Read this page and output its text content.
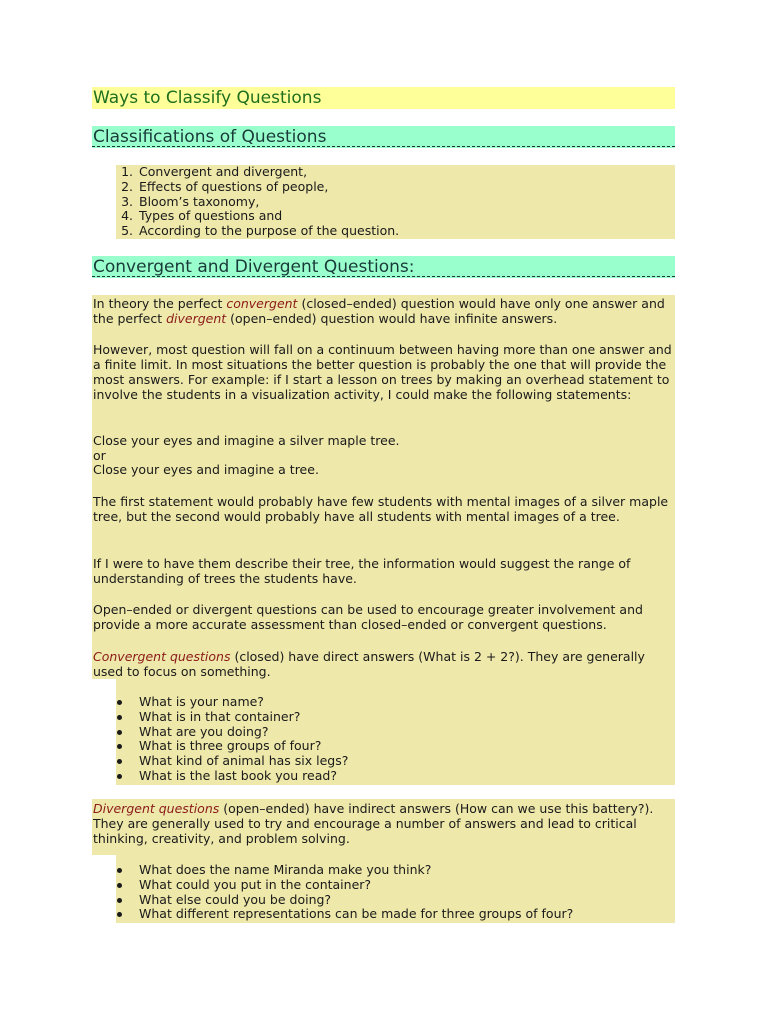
Ways to Classify Questions
Classifications of Questions
1. Convergent and divergent,
2. Effects of questions of people,
3. Bloom’s taxonomy,
4. Types of questions and
5. According to the purpose of the question.
Convergent and Divergent Questions:
In theory the perfect convergent (closed–ended) question would have only one answer and the perfect divergent (open–ended) question would have infinite answers.
However, most question will fall on a continuum between having more than one answer and a finite limit. In most situations the better question is probably the one that will provide the most answers. For example: if I start a lesson on trees by making an overhead statement to involve the students in a visualization activity, I could make the following statements:
Close your eyes and imagine a silver maple tree.
or
Close your eyes and imagine a tree.
The first statement would probably have few students with mental images of a silver maple tree, but the second would probably have all students with mental images of a tree.
If I were to have them describe their tree, the information would suggest the range of understanding of trees the students have.
Open–ended or divergent questions can be used to encourage greater involvement and provide a more accurate assessment than closed–ended or convergent questions.
Convergent questions (closed) have direct answers (What is 2 + 2?). They are generally used to focus on something.
What is your name?
What is in that container?
What are you doing?
What is three groups of four?
What kind of animal has six legs?
What is the last book you read?
Divergent questions (open–ended) have indirect answers (How can we use this battery?). They are generally used to try and encourage a number of answers and lead to critical thinking, creativity, and problem solving.
What does the name Miranda make you think?
What could you put in the container?
What else could you be doing?
What different representations can be made for three groups of four?
